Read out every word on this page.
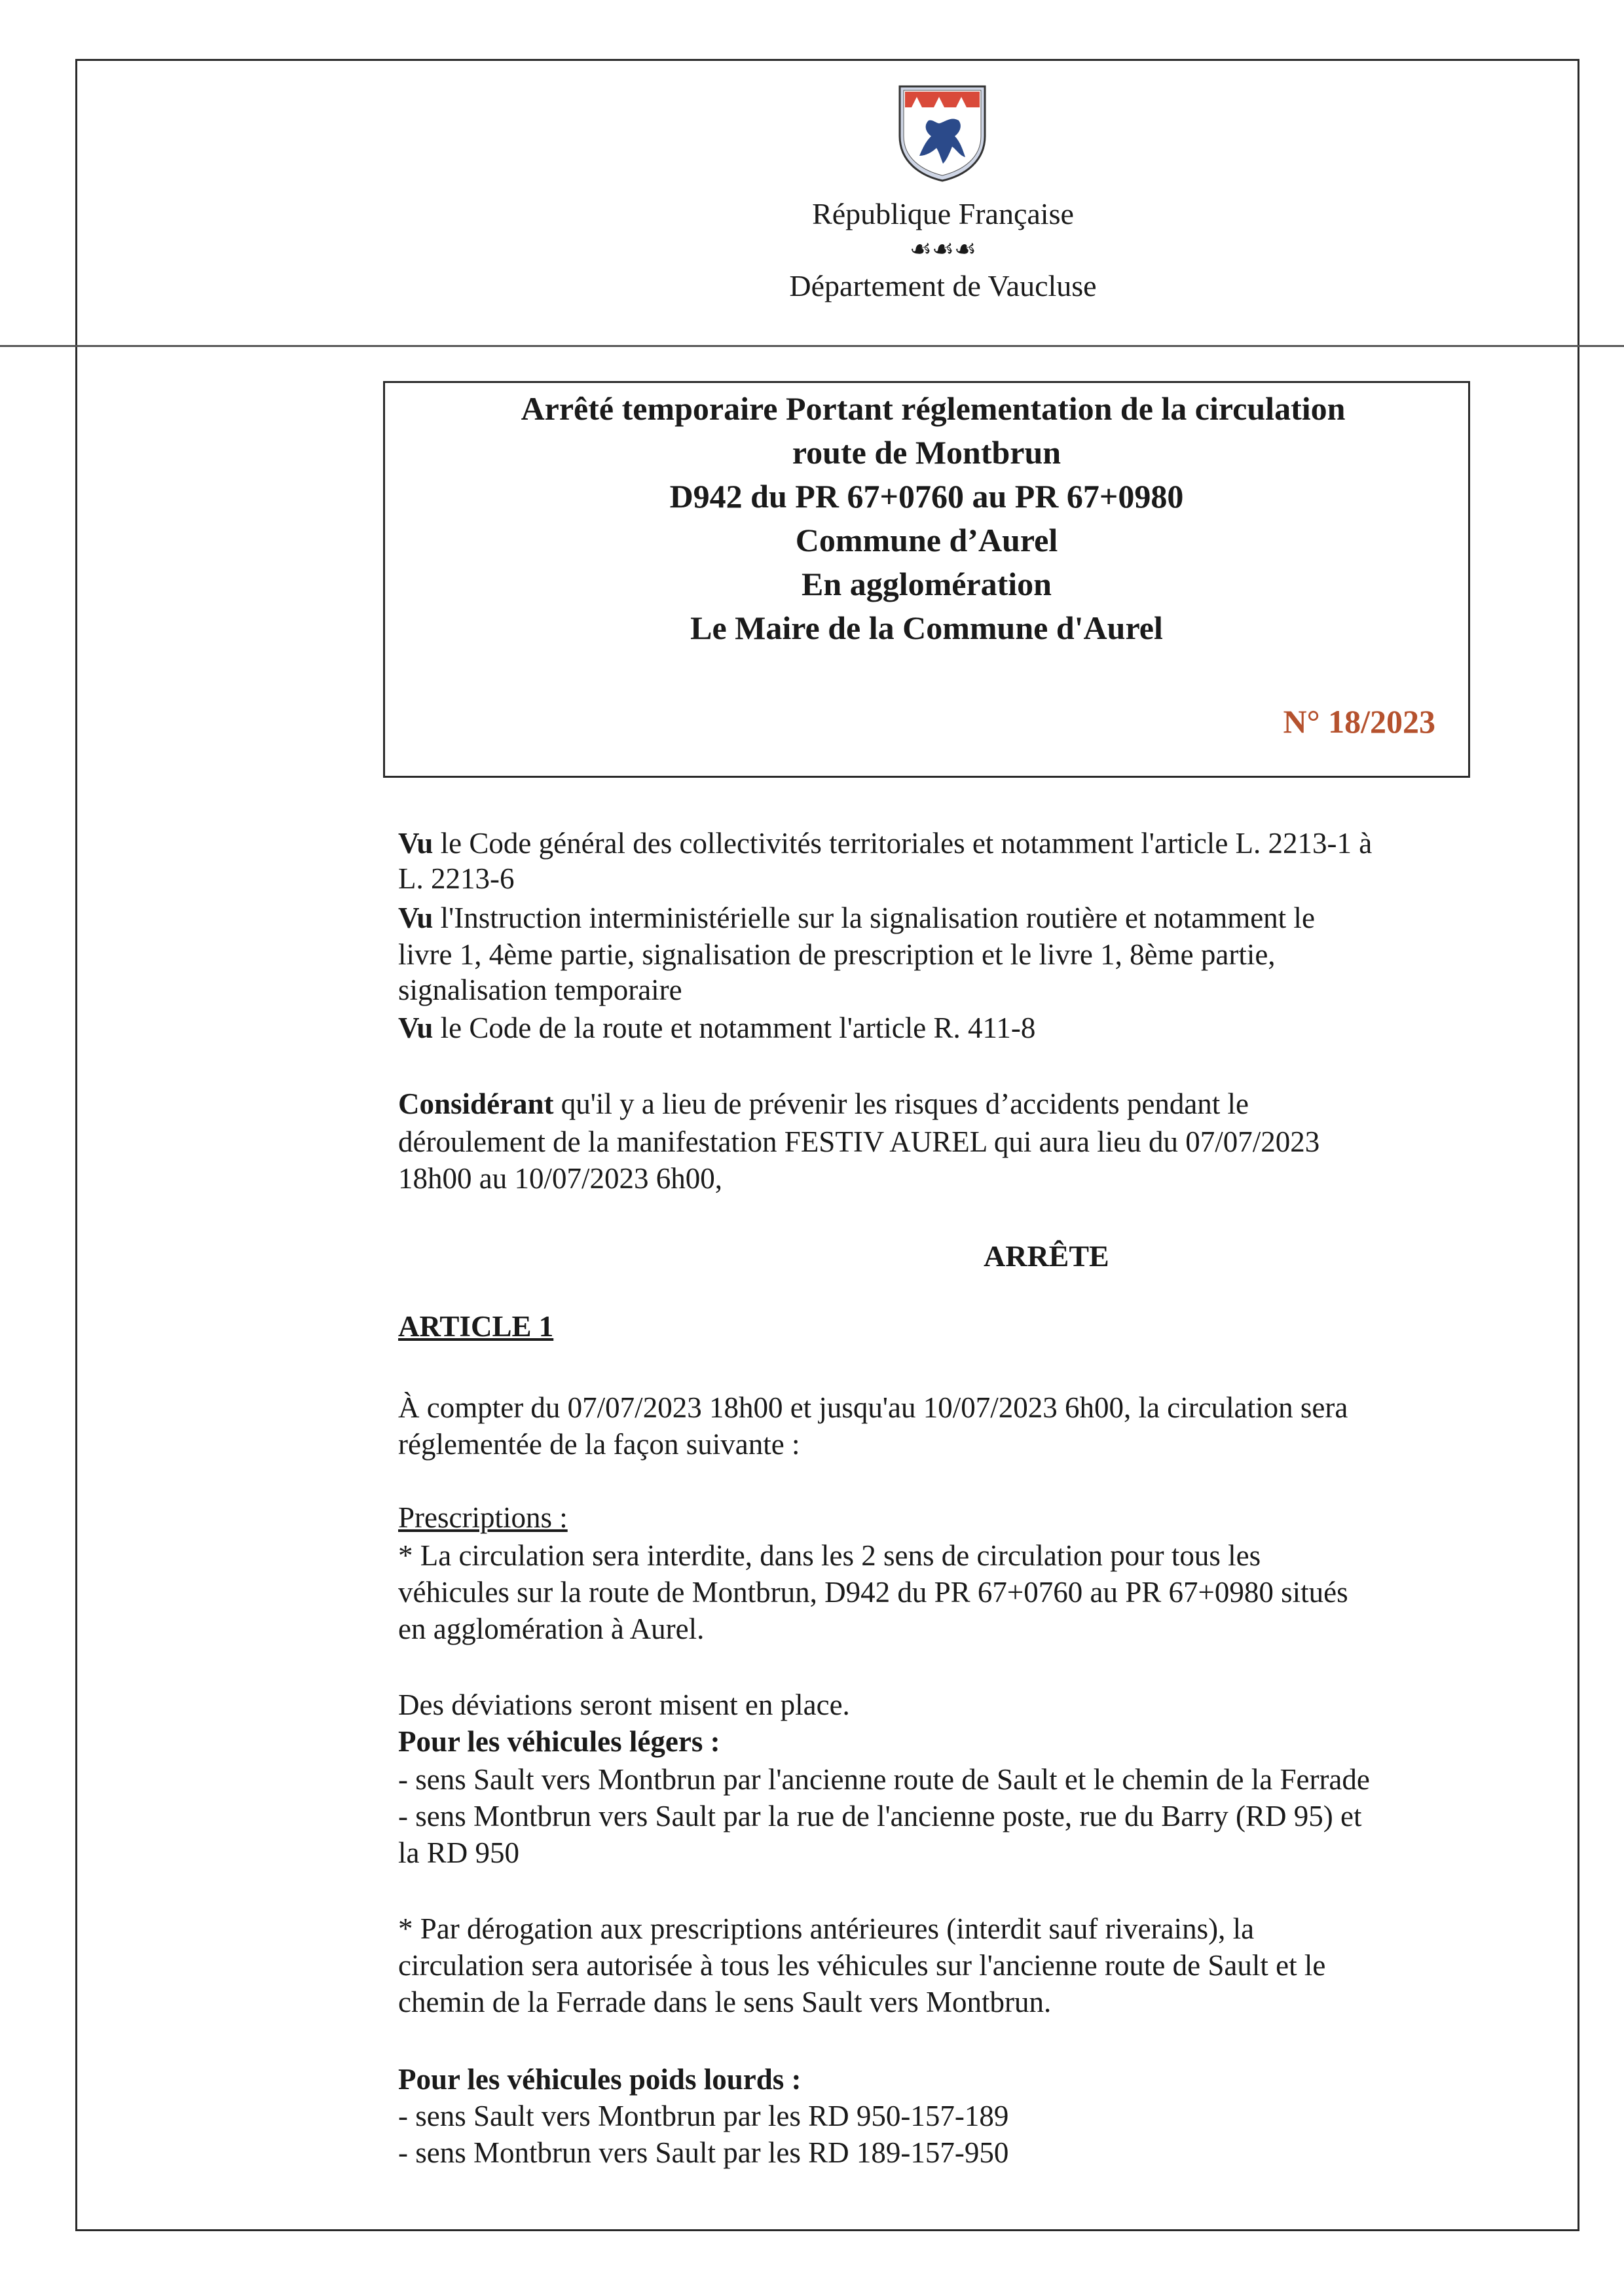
République Française
☙☙☙
Département de Vaucluse
Arrêté temporaire Portant réglementation de la circulation
route de Montbrun
D942 du PR 67+0760 au PR 67+0980
Commune d’Aurel
En agglomération
Le Maire de la Commune d'Aurel
N° 18/2023
Vu le Code général des collectivités territoriales et notamment l'article L. 2213-1 à
L. 2213-6
Vu l'Instruction interministérielle sur la signalisation routière et notamment le
livre 1, 4ème partie, signalisation de prescription et le livre 1, 8ème partie,
signalisation temporaire
Vu le Code de la route et notamment l'article R. 411-8
Considérant qu'il y a lieu de prévenir les risques d’accidents pendant le
déroulement de la manifestation FESTIV AUREL qui aura lieu du 07/07/2023
18h00 au 10/07/2023 6h00,
ARRÊTE
ARTICLE 1
À compter du 07/07/2023 18h00 et jusqu'au 10/07/2023 6h00, la circulation sera
réglementée de la façon suivante :
Prescriptions :
* La circulation sera interdite, dans les 2 sens de circulation pour tous les
véhicules sur la route de Montbrun, D942 du PR 67+0760 au PR 67+0980 situés
en agglomération à Aurel.
Des déviations seront misent en place.
Pour les véhicules légers :
- sens Sault vers Montbrun par l'ancienne route de Sault et le chemin de la Ferrade
- sens Montbrun vers Sault par la rue de l'ancienne poste, rue du Barry (RD 95) et
la RD 950
* Par dérogation aux prescriptions antérieures (interdit sauf riverains), la
circulation sera autorisée à tous les véhicules sur l'ancienne route de Sault et le
chemin de la Ferrade dans le sens Sault vers Montbrun.
Pour les véhicules poids lourds :
- sens Sault vers Montbrun par les RD 950-157-189
- sens Montbrun vers Sault par les RD 189-157-950
